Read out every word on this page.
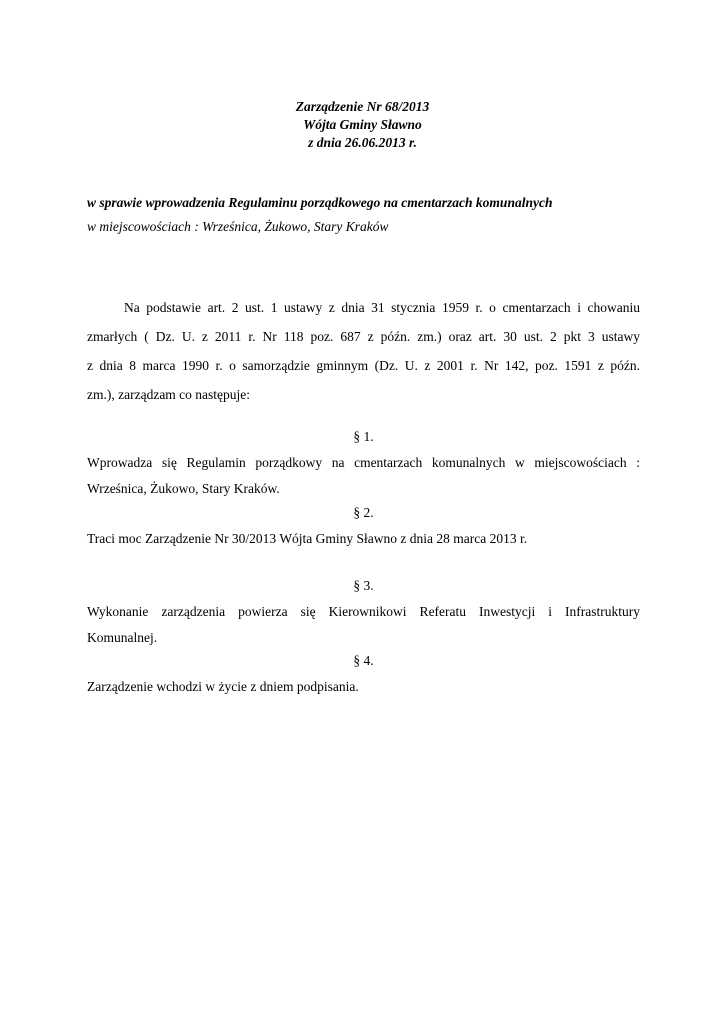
Zarządzenie Nr 68/2013
Wójta Gminy Sławno
z dnia 26.06.2013 r.
w sprawie wprowadzenia Regulaminu porządkowego na cmentarzach komunalnych
w miejscowościach : Wrześnica, Żukowo, Stary Kraków
Na podstawie art. 2 ust. 1 ustawy z dnia 31 stycznia 1959 r. o cmentarzach i chowaniu
zmarłych ( Dz. U. z 2011 r. Nr 118 poz. 687 z późn. zm.) oraz art. 30 ust. 2 pkt 3 ustawy
z dnia 8 marca 1990 r. o samorządzie gminnym (Dz. U. z 2001 r. Nr 142, poz. 1591 z późn.
zm.), zarządzam co następuje:
§ 1.
Wprowadza się Regulamin porządkowy na cmentarzach komunalnych w miejscowościach :
Wrześnica, Żukowo, Stary Kraków.
§ 2.
Traci moc Zarządzenie Nr 30/2013 Wójta Gminy Sławno z dnia 28 marca 2013 r.
§ 3.
Wykonanie zarządzenia powierza się Kierownikowi Referatu Inwestycji i Infrastruktury
Komunalnej.
§ 4.
Zarządzenie wchodzi w życie z dniem podpisania.
